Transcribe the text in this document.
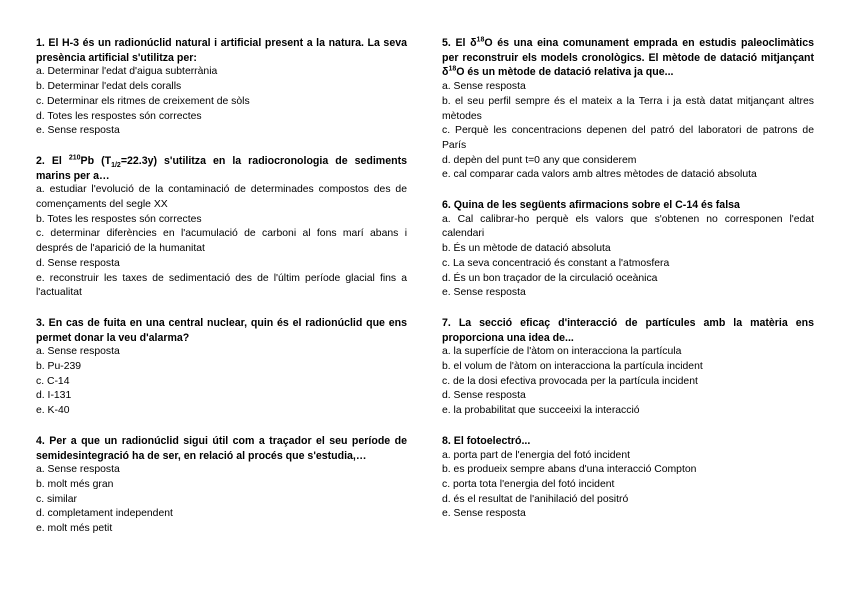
1. El H-3 és un radionúclid natural i artificial present a la natura. La seva presència artificial s'utilitza per:
a. Determinar l'edat d'aigua subterrània
b. Determinar l'edat dels coralls
c. Determinar els ritmes de creixement de sòls
d. Totes les respostes són correctes
e. Sense resposta
2. El $^{210}$Pb $(T_{1/2}=22.3y)$ s'utilitza en la radiocronologia de sediments marins per a…
a. estudiar l'evolució de la contaminació de determinades compostos des de començaments del segle XX
b. Totes les respostes són correctes
c. determinar diferències en l'acumulació de carboni al fons marí abans i després de l'aparició de la humanitat
d. Sense resposta
e. reconstruir les taxes de sedimentació des de l'últim període glacial fins a l'actualitat
3. En cas de fuita en una central nuclear, quin és el radionúclid que ens permet donar la veu d'alarma?
a. Sense resposta
b. Pu-239
c. C-14
d. I-131
e. K-40
4. Per a que un radionúclid sigui útil com a traçador el seu període de semidesintegració ha de ser, en relació al procés que s'estudia,…
a. Sense resposta
b. molt més gran
c. similar
d. completament independent
e. molt més petit
5. El $\delta^{18}O$ és una eina comunament emprada en estudis paleoclimàtics per reconstruir els models cronològics. El mètode de datació mitjançant $\delta^{18}O$ és un mètode de datació relativa ja que...
a. Sense resposta
b. el seu perfil sempre és el mateix a la Terra i ja està datat mitjançant altres mètodes
c. Perquè les concentracions depenen del patró del laboratori de patrons de París
d. depèn del punt t=0 any que considerem
e. cal comparar cada valors amb altres mètodes de datació absoluta
6. Quina de les següents afirmacions sobre el C-14 és falsa
a. Cal calibrar-ho perquè els valors que s'obtenen no corresponen l'edat calendari
b. És un mètode de datació absoluta
c. La seva concentració és constant a l'atmosfera
d. És un bon traçador de la circulació oceànica
e. Sense resposta
7. La secció eficaç d'interacció de partícules amb la matèria ens proporciona una idea de...
a. la superfície de l'àtom on interacciona la partícula
b. el volum de l'àtom on interacciona la partícula incident
c. de la dosi efectiva provocada per la partícula incident
d. Sense resposta
e. la probabilitat que succeeixi la interacció
8. El fotoelectró...
a. porta part de l'energia del fotó incident
b. es produeix sempre abans d'una interacció Compton
c. porta tota l'energia del fotó incident
d. és el resultat de l'anihilació del positró
e. Sense resposta
